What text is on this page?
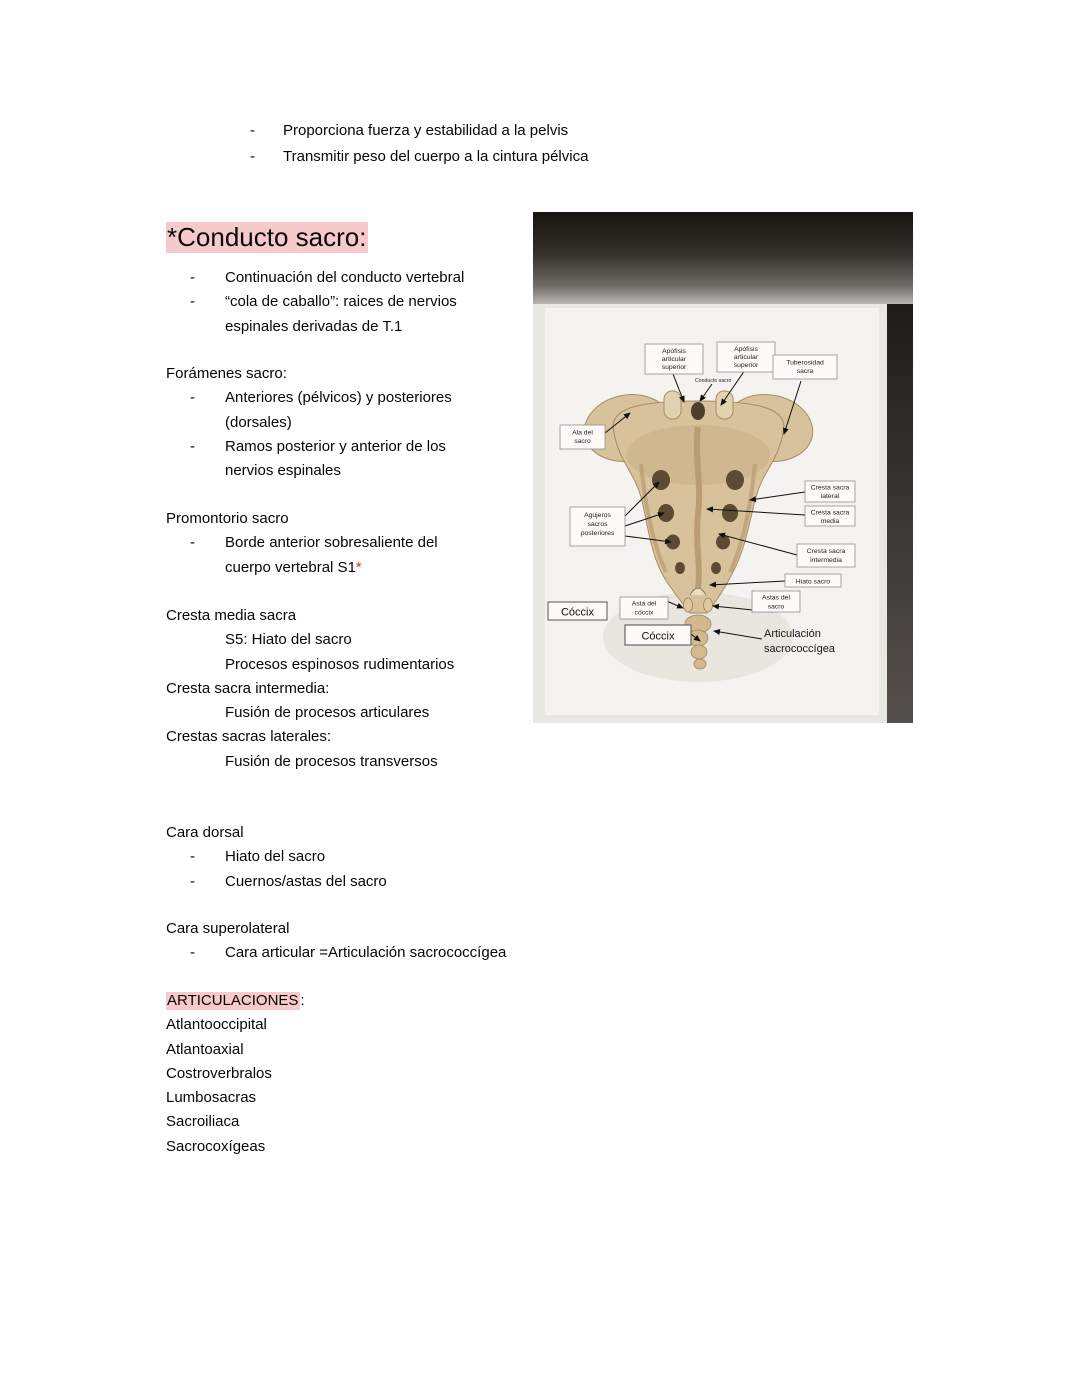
-	Proporciona fuerza y estabilidad a la pelvis
-	Transmitir peso del cuerpo a la cintura pélvica
*Conducto sacro:
-	Continuación del conducto vertebral
-	“cola de caballo”: raices de nervios
espinales derivadas de T.1
Forámenes sacro:
-	Anteriores (pélvicos) y posteriores
(dorsales)
-	Ramos posterior y anterior de los
nervios espinales
Promontorio sacro
-	Borde anterior sobresaliente del
cuerpo vertebral S1*
Cresta media sacra
S5: Hiato del sacro
Procesos espinosos rudimentarios
Cresta sacra intermedia:
Fusión de procesos articulares
Crestas sacras laterales:
Fusión de procesos transversos
Cara dorsal
-	Hiato del sacro
-	Cuernos/astas del sacro
Cara superolateral
-	Cara articular =Articulación sacrococcígea
ARTICULACIONES :
Atlantooccipital
Atlantoaxial
Costroverbralos
Lumbosacras
Sacroiliaca
Sacrocoxígeas
Apófisis
articular
superior
Apófisis
articular
superior	Tuberosidad
sacra
Conducto sacro
Ala del
sacro
Cresta sacra
lateral
Cresta sacra
media
Agujeros
sacros
posteriores
Cresta sacra
intermedia
Hiato sacro
Asta del
cóccix
Astas del
sacro
Cóccix
Cóccix	Articulación
sacrococcígea
